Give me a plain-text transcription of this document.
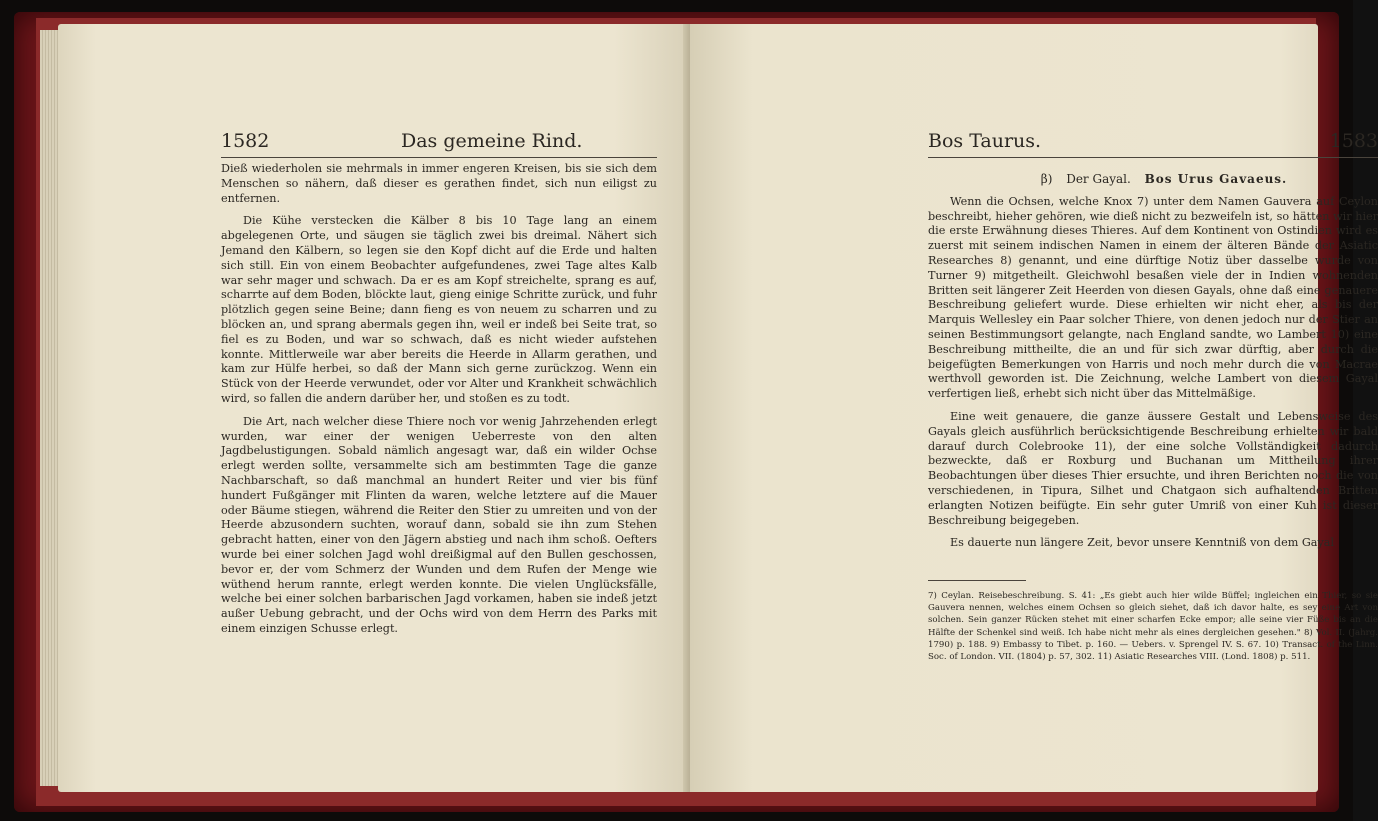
1582	Das gemeine Rind.

Dieß wiederholen sie mehrmals in immer engeren Kreisen, bis sie sich dem Menschen so nähern, daß dieser es gerathen findet, sich nun eiligst zu entfernen.

Die Kühe verstecken die Kälber 8 bis 10 Tage lang an einem abgelegenen Orte, und säugen sie täglich zwei bis dreimal. Nähert sich Jemand den Kälbern, so legen sie den Kopf dicht auf die Erde und halten sich still. Ein von einem Beobachter aufgefundenes, zwei Tage altes Kalb war sehr mager und schwach. Da er es am Kopf streichelte, sprang es auf, scharrte auf dem Boden, blöckte laut, gieng einige Schritte zurück, und fuhr plötzlich gegen seine Beine; dann fieng es von neuem zu scharren und zu blöcken an, und sprang abermals gegen ihn, weil er indeß bei Seite trat, so fiel es zu Boden, und war so schwach, daß es nicht wieder aufstehen konnte. Mittlerweile war aber bereits die Heerde in Allarm gerathen, und kam zur Hülfe herbei, so daß der Mann sich gerne zurückzog. Wenn ein Stück von der Heerde verwundet, oder vor Alter und Krankheit schwächlich wird, so fallen die andern darüber her, und stoßen es zu todt.

Die Art, nach welcher diese Thiere noch vor wenig Jahrzehenden erlegt wurden, war einer der wenigen Ueberreste von den alten Jagdbelustigungen. Sobald nämlich angesagt war, daß ein wilder Ochse erlegt werden sollte, versammelte sich am bestimmten Tage die ganze Nachbarschaft, so daß manchmal an hundert Reiter und vier bis fünf hundert Fußgänger mit Flinten da waren, welche letztere auf die Mauer oder Bäume stiegen, während die Reiter den Stier zu umreiten und von der Heerde abzusondern suchten, worauf dann, sobald sie ihn zum Stehen gebracht hatten, einer von den Jägern abstieg und nach ihm schoß. Oefters wurde bei einer solchen Jagd wohl dreißigmal auf den Bullen geschossen, bevor er, der vom Schmerz der Wunden und dem Rufen der Menge wie wüthend herum rannte, erlegt werden konnte. Die vielen Unglücksfälle, welche bei einer solchen barbarischen Jagd vorkamen, haben sie indeß jetzt außer Uebung gebracht, und der Ochs wird von dem Herrn des Parks mit einem einzigen Schusse erlegt.

Bos Taurus.	1583

β) Der Gayal. Bos Urus Gavaeus.

Wenn die Ochsen, welche Knox 7) unter dem Namen Gauvera auf Ceylon beschreibt, hieher gehören, wie dieß nicht zu bezweifeln ist, so hätten wir hier die erste Erwähnung dieses Thieres. Auf dem Kontinent von Ostindien wird es zuerst mit seinem indischen Namen in einem der älteren Bände der Asiatic Researches 8) genannt, und eine dürftige Notiz über dasselbe wurde von Turner 9) mitgetheilt. Gleichwohl besaßen viele der in Indien wohnenden Britten seit längerer Zeit Heerden von diesen Gayals, ohne daß eine genauere Beschreibung geliefert wurde. Diese erhielten wir nicht eher, als bis der Marquis Wellesley ein Paar solcher Thiere, von denen jedoch nur der Stier an seinen Bestimmungsort gelangte, nach England sandte, wo Lambert 10) eine Beschreibung mittheilte, die an und für sich zwar dürftig, aber durch die beigefügten Bemerkungen von Harris und noch mehr durch die von Macrae werthvoll geworden ist. Die Zeichnung, welche Lambert von diesem Gayal verfertigen ließ, erhebt sich nicht über das Mittelmäßige.

Eine weit genauere, die ganze äussere Gestalt und Lebensweise des Gayals gleich ausführlich berücksichtigende Beschreibung erhielten wir bald darauf durch Colebrooke 11), der eine solche Vollständigkeit dadurch bezweckte, daß er Roxburg und Buchanan um Mittheilung ihrer Beobachtungen über dieses Thier ersuchte, und ihren Berichten noch die von verschiedenen, in Tipura, Silhet und Chatgaon sich aufhaltenden Britten erlangten Notizen beifügte. Ein sehr guter Umriß von einer Kuh ist dieser Beschreibung beigegeben.

Es dauerte nun längere Zeit, bevor unsere Kenntniß von dem Gayal

7) Ceylan. Reisebeschreibung. S. 41: „Es giebt auch hier wilde Büffel; ingleichen ein Thier, so sie Gauvera nennen, welches einem Ochsen so gleich siehet, daß ich davor halte, es sey eine Art von solchen. Sein ganzer Rücken stehet mit einer scharfen Ecke empor; alle seine vier Füße bis an die Hälfte der Schenkel sind weiß. Ich habe nicht mehr als eines dergleichen gesehen." 8) Vol. II. (Jahrg. 1790) p. 188. 9) Embassy to Tibet. p. 160. — Uebers. v. Sprengel IV. S. 67. 10) Transact. of the Linn. Soc. of London. VII. (1804) p. 57, 302. 11) Asiatic Researches VIII. (Lond. 1808) p. 511.
